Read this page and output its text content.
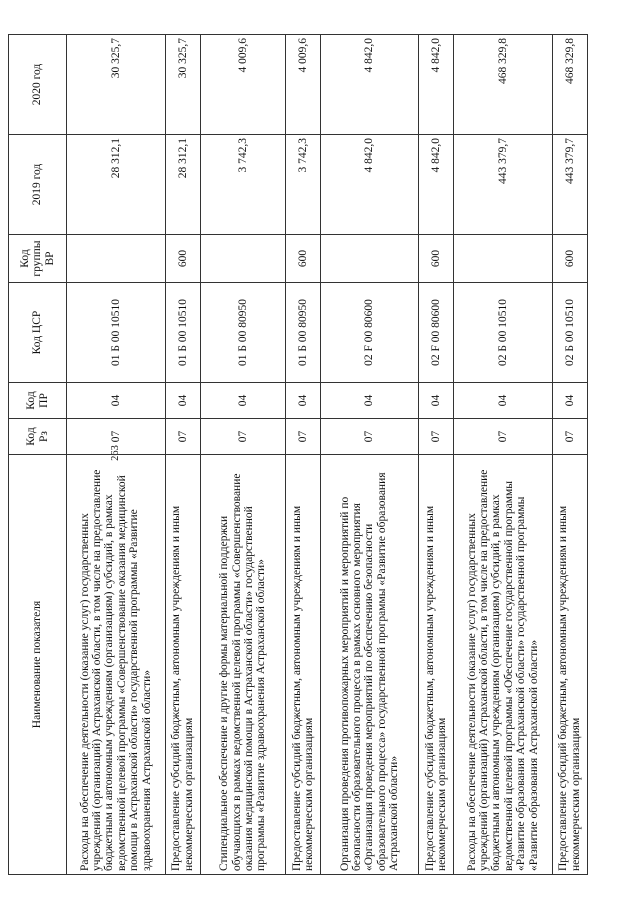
263
Наименование показателя	Код Рз	Код ПР	Код ЦСР	Код группы ВР	2019 год	2020 год
Расходы на обеспечение деятельности (оказание услуг) государственных учреждений (организаций) Астраханской области, в том числе на предоставление бюджетным и автономным учреждениям (организациям) субсидий, в рамках ведомственной целевой программы «Совершенствование оказания медицинской помощи в Астраханской области» государственной программы «Развитие здравоохранения Астраханской области»	07	04	01 Б 00 10510		28 312,1	30 325,7
Предоставление субсидий бюджетным, автономным учреждениям и иным некоммерческим организациям	07	04	01 Б 00 10510	600	28 312,1	30 325,7
Стипендиальное обеспечение и другие формы материальной поддержки обучающихся в рамках ведомственной целевой программы «Совершенствование оказания медицинской помощи в Астраханской области» государственной программы «Развитие здравоохранения Астраханской области»	07	04	01 Б 00 80950		3 742,3	4 009,6
Предоставление субсидий бюджетным, автономным учреждениям и иным некоммерческим организациям	07	04	01 Б 00 80950	600	3 742,3	4 009,6
Организация проведения противопожарных мероприятий и мероприятий по безопасности образовательного процесса в рамках основного мероприятия «Организация проведения мероприятий по обеспечению безопасности образовательного процесса» государственной программы «Развитие образования Астраханской области»	07	04	02 F 00 80600		4 842,0	4 842,0
Предоставление субсидий бюджетным, автономным учреждениям и иным некоммерческим организациям	07	04	02 F 00 80600	600	4 842,0	4 842,0
Расходы на обеспечение деятельности (оказание услуг) государственных учреждений (организаций) Астраханской области, в том числе на предоставление бюджетным и автономным учреждениям (организациям) субсидий, в рамках ведомственной целевой программы «Обеспечение государственной программы «Развитие образования Астраханской области» государственной программы «Развитие образования Астраханской области»	07	04	02 Б 00 10510		443 379,7	468 329,8
Предоставление субсидий бюджетным, автономным учреждениям и иным некоммерческим организациям	07	04	02 Б 00 10510	600	443 379,7	468 329,8
